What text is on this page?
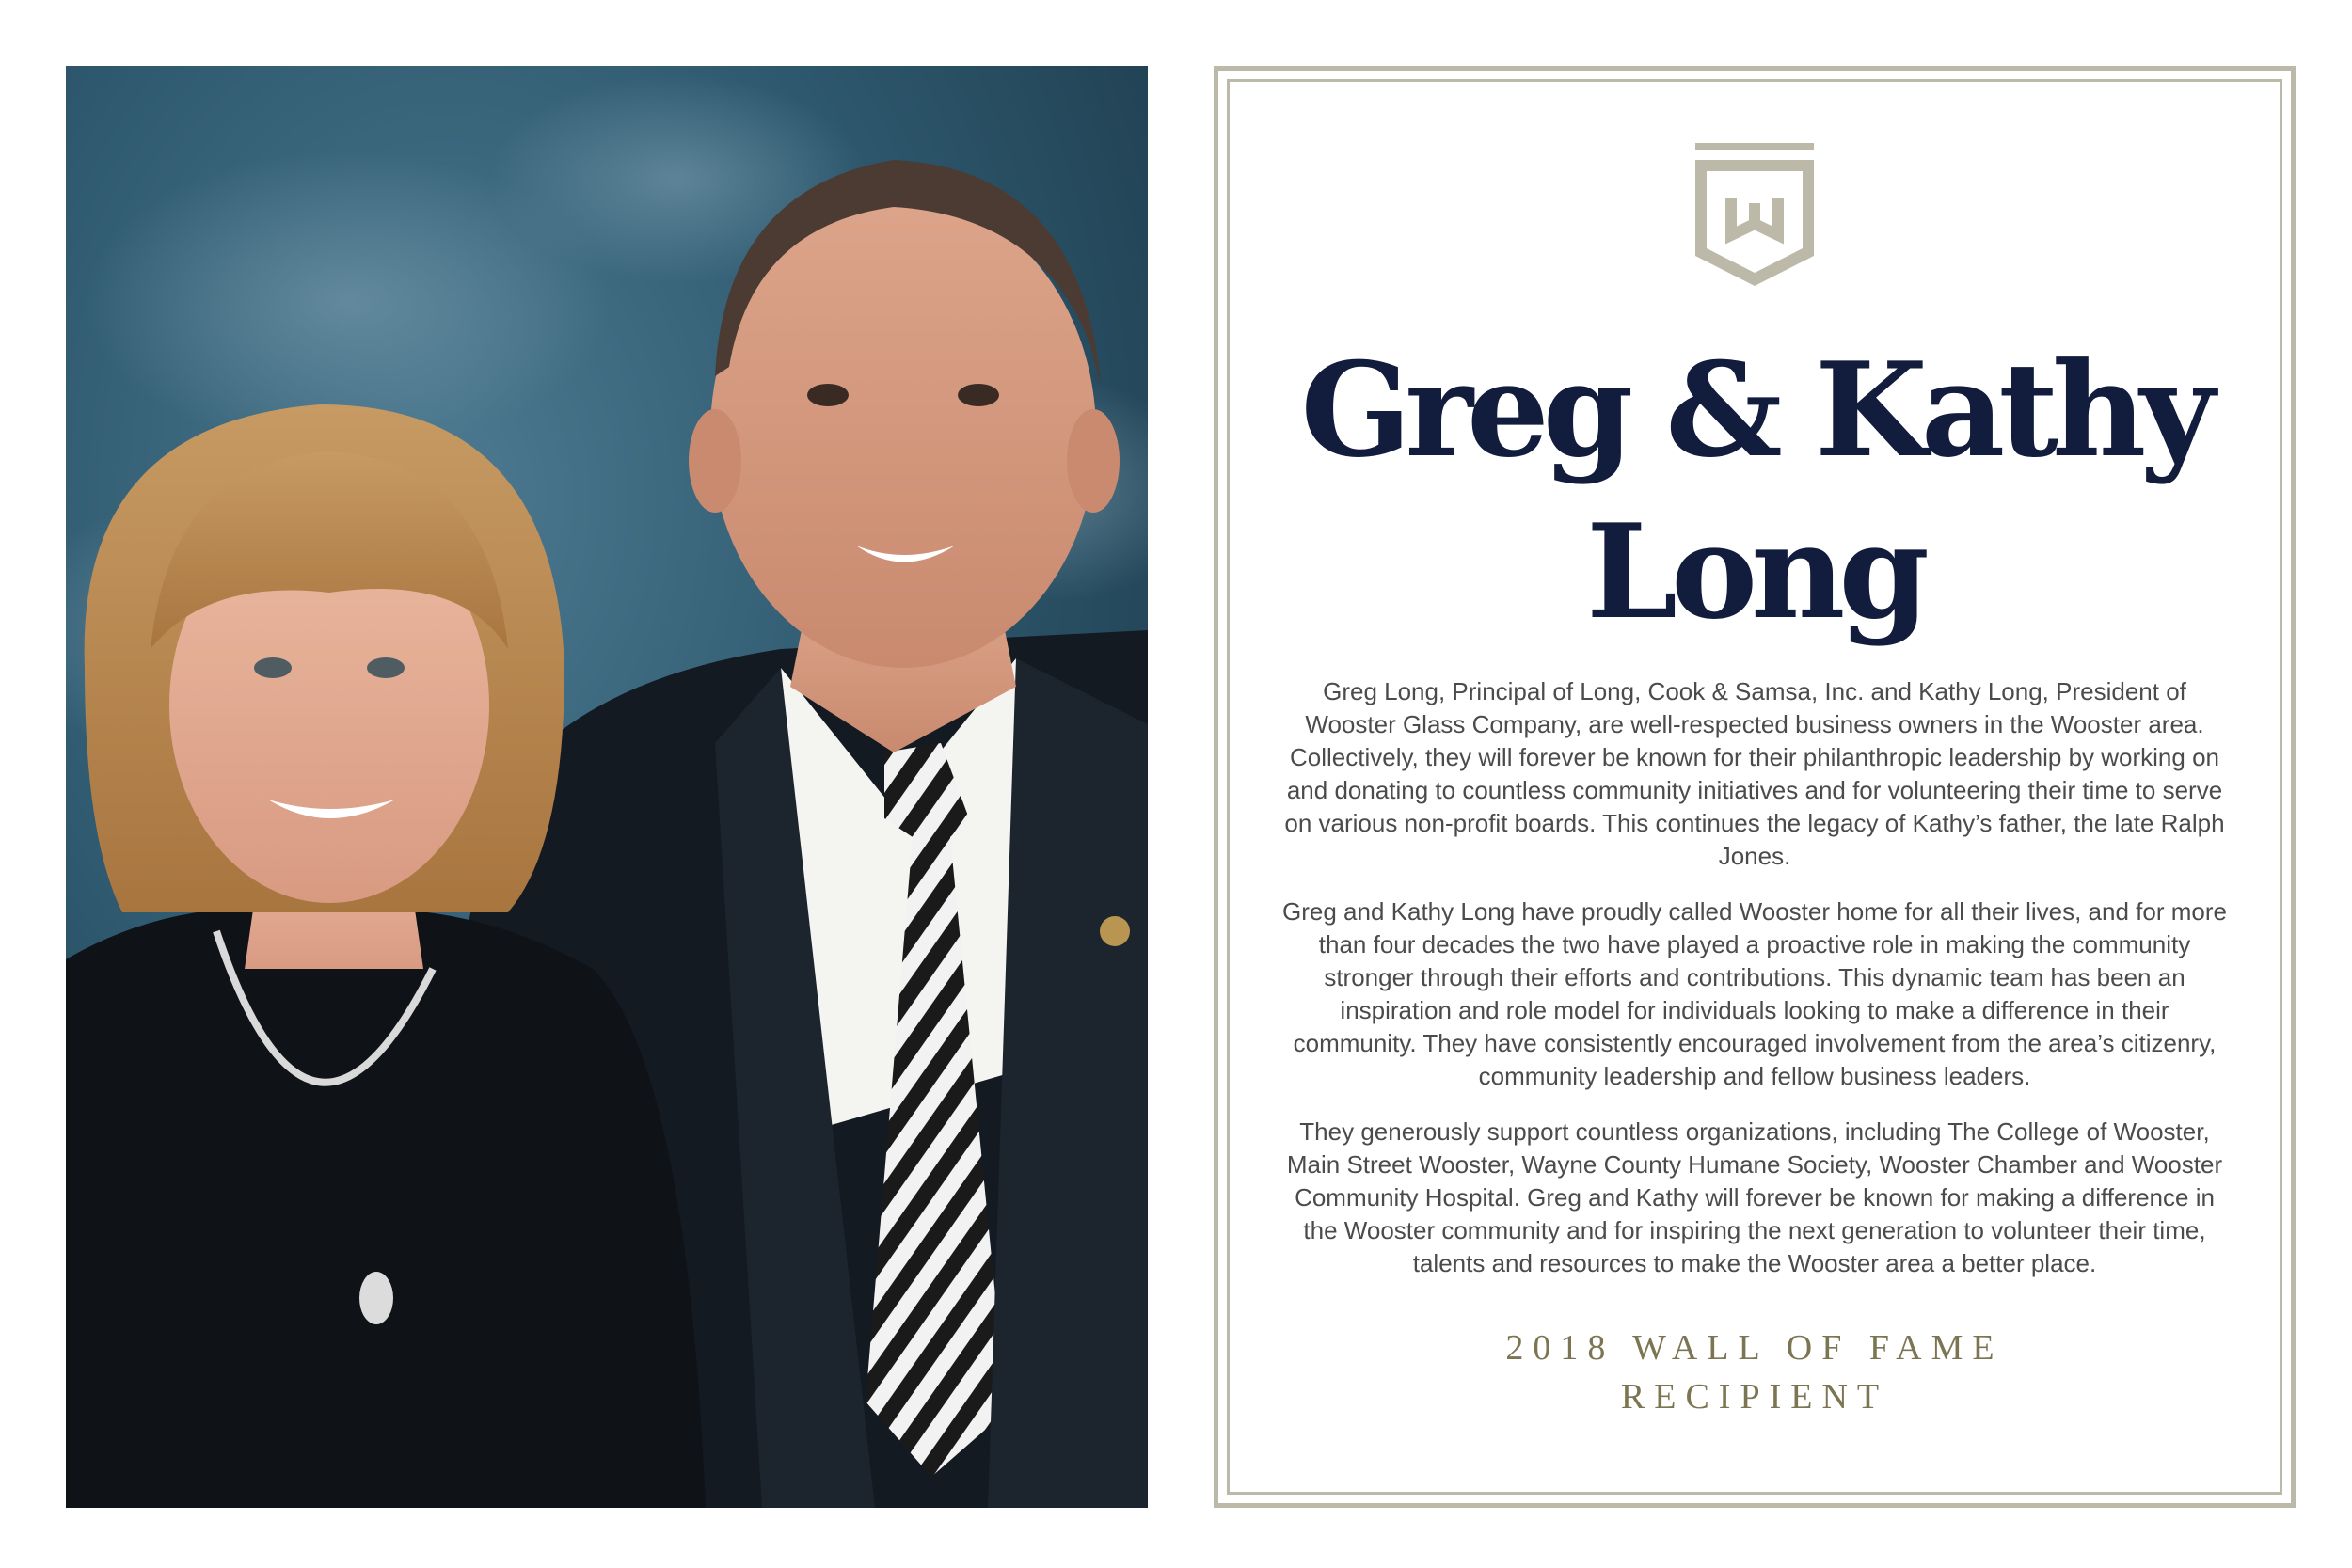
Greg & Kathy
Long

Greg Long, Principal of Long, Cook & Samsa, Inc. and Kathy Long, President of Wooster Glass Company, are well-respected business owners in the Wooster area. Collectively, they will forever be known for their philanthropic leadership by working on and donating to countless community initiatives and for volunteering their time to serve on various non-profit boards. This continues the legacy of Kathy’s father, the late Ralph Jones.

Greg and Kathy Long have proudly called Wooster home for all their lives, and for more than four decades the two have played a proactive role in making the community stronger through their efforts and contributions. This dynamic team has been an inspiration and role model for individuals looking to make a difference in their community. They have consistently encouraged involvement from the area’s citizenry, community leadership and fellow business leaders.

They generously support countless organizations, including The College of Wooster, Main Street Wooster, Wayne County Humane Society, Wooster Chamber and Wooster Community Hospital. Greg and Kathy will forever be known for making a difference in the Wooster community and for inspiring the next generation to volunteer their time, talents and resources to make the Wooster area a better place.

2018 WALL OF FAME
RECIPIENT
